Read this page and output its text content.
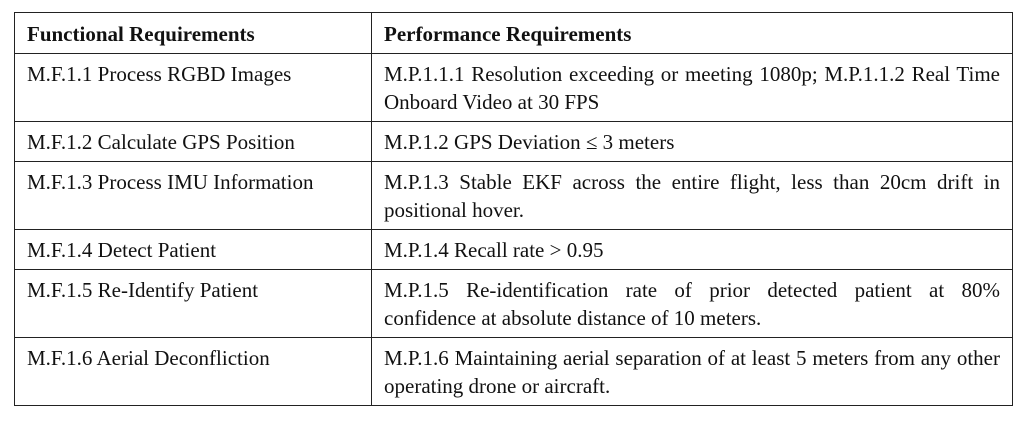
Functional Requirements	Performance Requirements
M.F.1.1 Process RGBD Images	M.P.1.1.1 Resolution exceeding or meeting 1080p; M.P.1.1.2 Real Time Onboard Video at 30 FPS
M.F.1.2 Calculate GPS Position	M.P.1.2 GPS Deviation ≤ 3 meters
M.F.1.3 Process IMU Information	M.P.1.3 Stable EKF across the entire flight, less than 20cm drift in positional hover.
M.F.1.4 Detect Patient	M.P.1.4 Recall rate > 0.95
M.F.1.5 Re-Identify Patient	M.P.1.5 Re-identification rate of prior detected patient at 80% confidence at absolute distance of 10 meters.
M.F.1.6 Aerial Deconfliction	M.P.1.6 Maintaining aerial separation of at least 5 meters from any other operating drone or aircraft.
